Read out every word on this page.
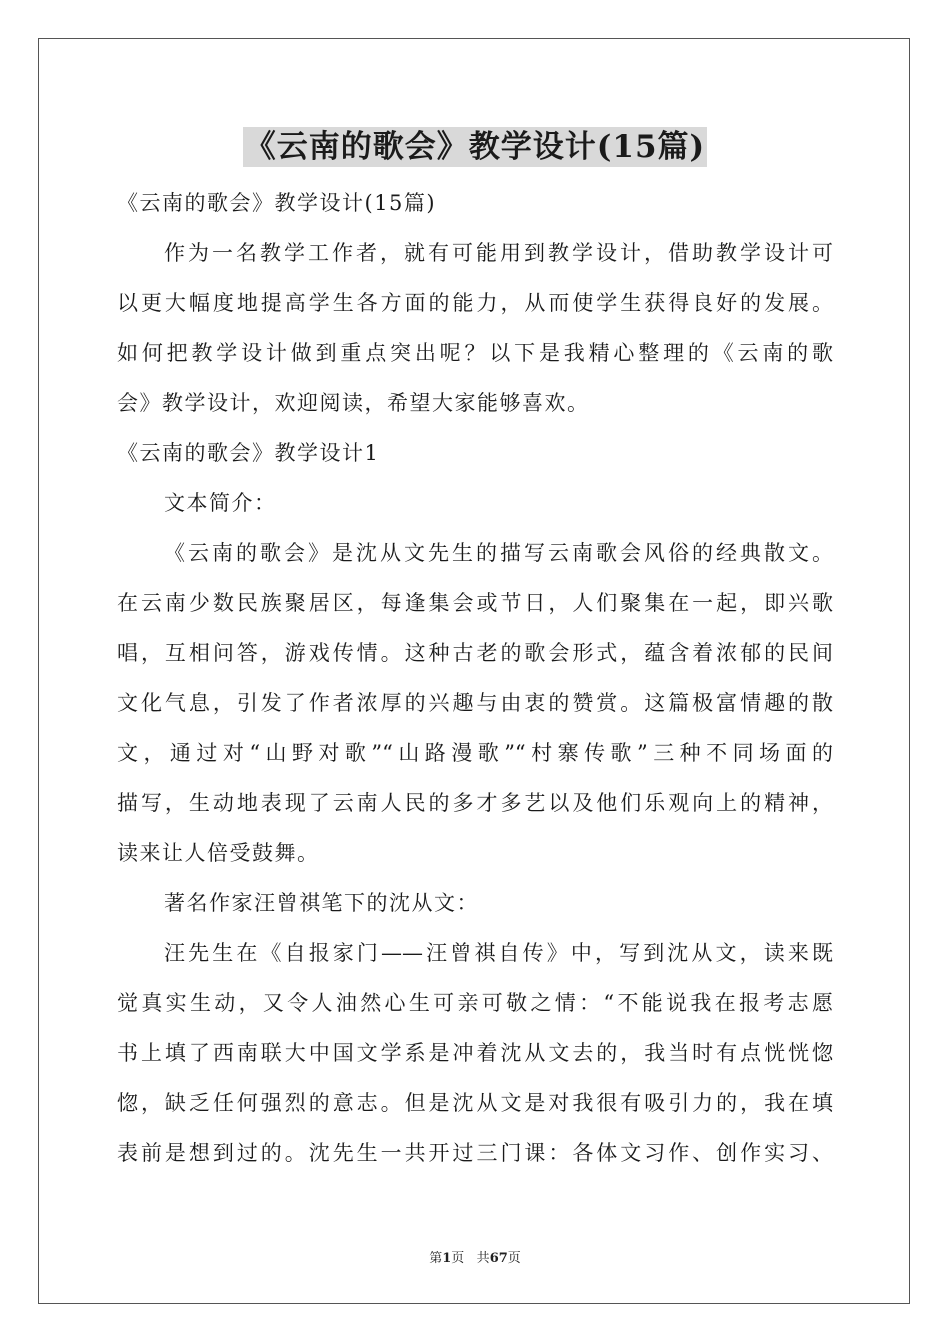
《云南的歌会》教学设计(15篇)

《云南的歌会》教学设计(15篇)

作为一名教学工作者，就有可能用到教学设计，借助教学设计可

以更大幅度地提高学生各方面的能力，从而使学生获得良好的发展。

如何把教学设计做到重点突出呢？以下是我精心整理的《云南的歌

会》教学设计，欢迎阅读，希望大家能够喜欢。

《云南的歌会》教学设计1

文本简介：

《云南的歌会》是沈从文先生的描写云南歌会风俗的经典散文。

在云南少数民族聚居区，每逢集会或节日，人们聚集在一起，即兴歌

唱，互相问答，游戏传情。这种古老的歌会形式，蕴含着浓郁的民间

文化气息，引发了作者浓厚的兴趣与由衷的赞赏。这篇极富情趣的散

文，通过对“山野对歌”“山路漫歌”“村寨传歌”三种不同场面的

描写，生动地表现了云南人民的多才多艺以及他们乐观向上的精神，

读来让人倍受鼓舞。

著名作家汪曾祺笔下的沈从文：

汪先生在《自报家门——汪曾祺自传》中，写到沈从文，读来既

觉真实生动，又令人油然心生可亲可敬之情：“不能说我在报考志愿

书上填了西南联大中国文学系是冲着沈从文去的，我当时有点恍恍惚

惚，缺乏任何强烈的意志。但是沈从文是对我很有吸引力的，我在填

表前是想到过的。沈先生一共开过三门课：各体文习作、创作实习、

第1页 共67页
